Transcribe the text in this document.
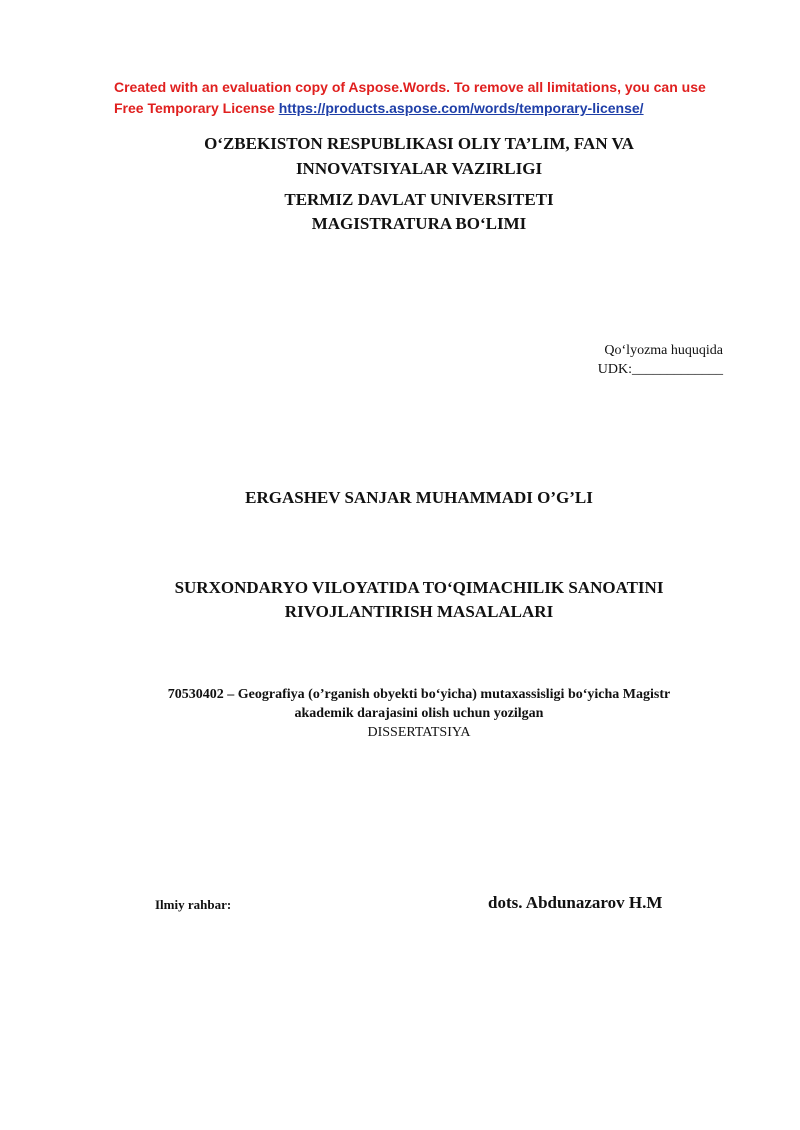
Created with an evaluation copy of Aspose.Words. To remove all limitations, you can use
Free Temporary License https://products.aspose.com/words/temporary-license/
O‘ZBEKISTON RESPUBLIKASI OLIY TA’LIM, FAN VA
INNOVATSIYALAR VAZIRLIGI
TERMIZ DAVLAT UNIVERSITETI
MAGISTRATURA BO‘LIMI
Qo‘lyozma huquqida
UDK:_____________
ERGASHEV SANJAR MUHAMMADI O’G’LI
SURXONDARYO VILOYATIDA TO‘QIMACHILIK SANOATINI
RIVOJLANTIRISH MASALALARI
70530402 – Geografiya (o’rganish obyekti bo‘yicha) mutaxassisligi bo‘yicha Magistr
akademik darajasini olish uchun yozilgan
DISSERTATSIYA
Ilmiy rahbar:	dots. Abdunazarov H.M
